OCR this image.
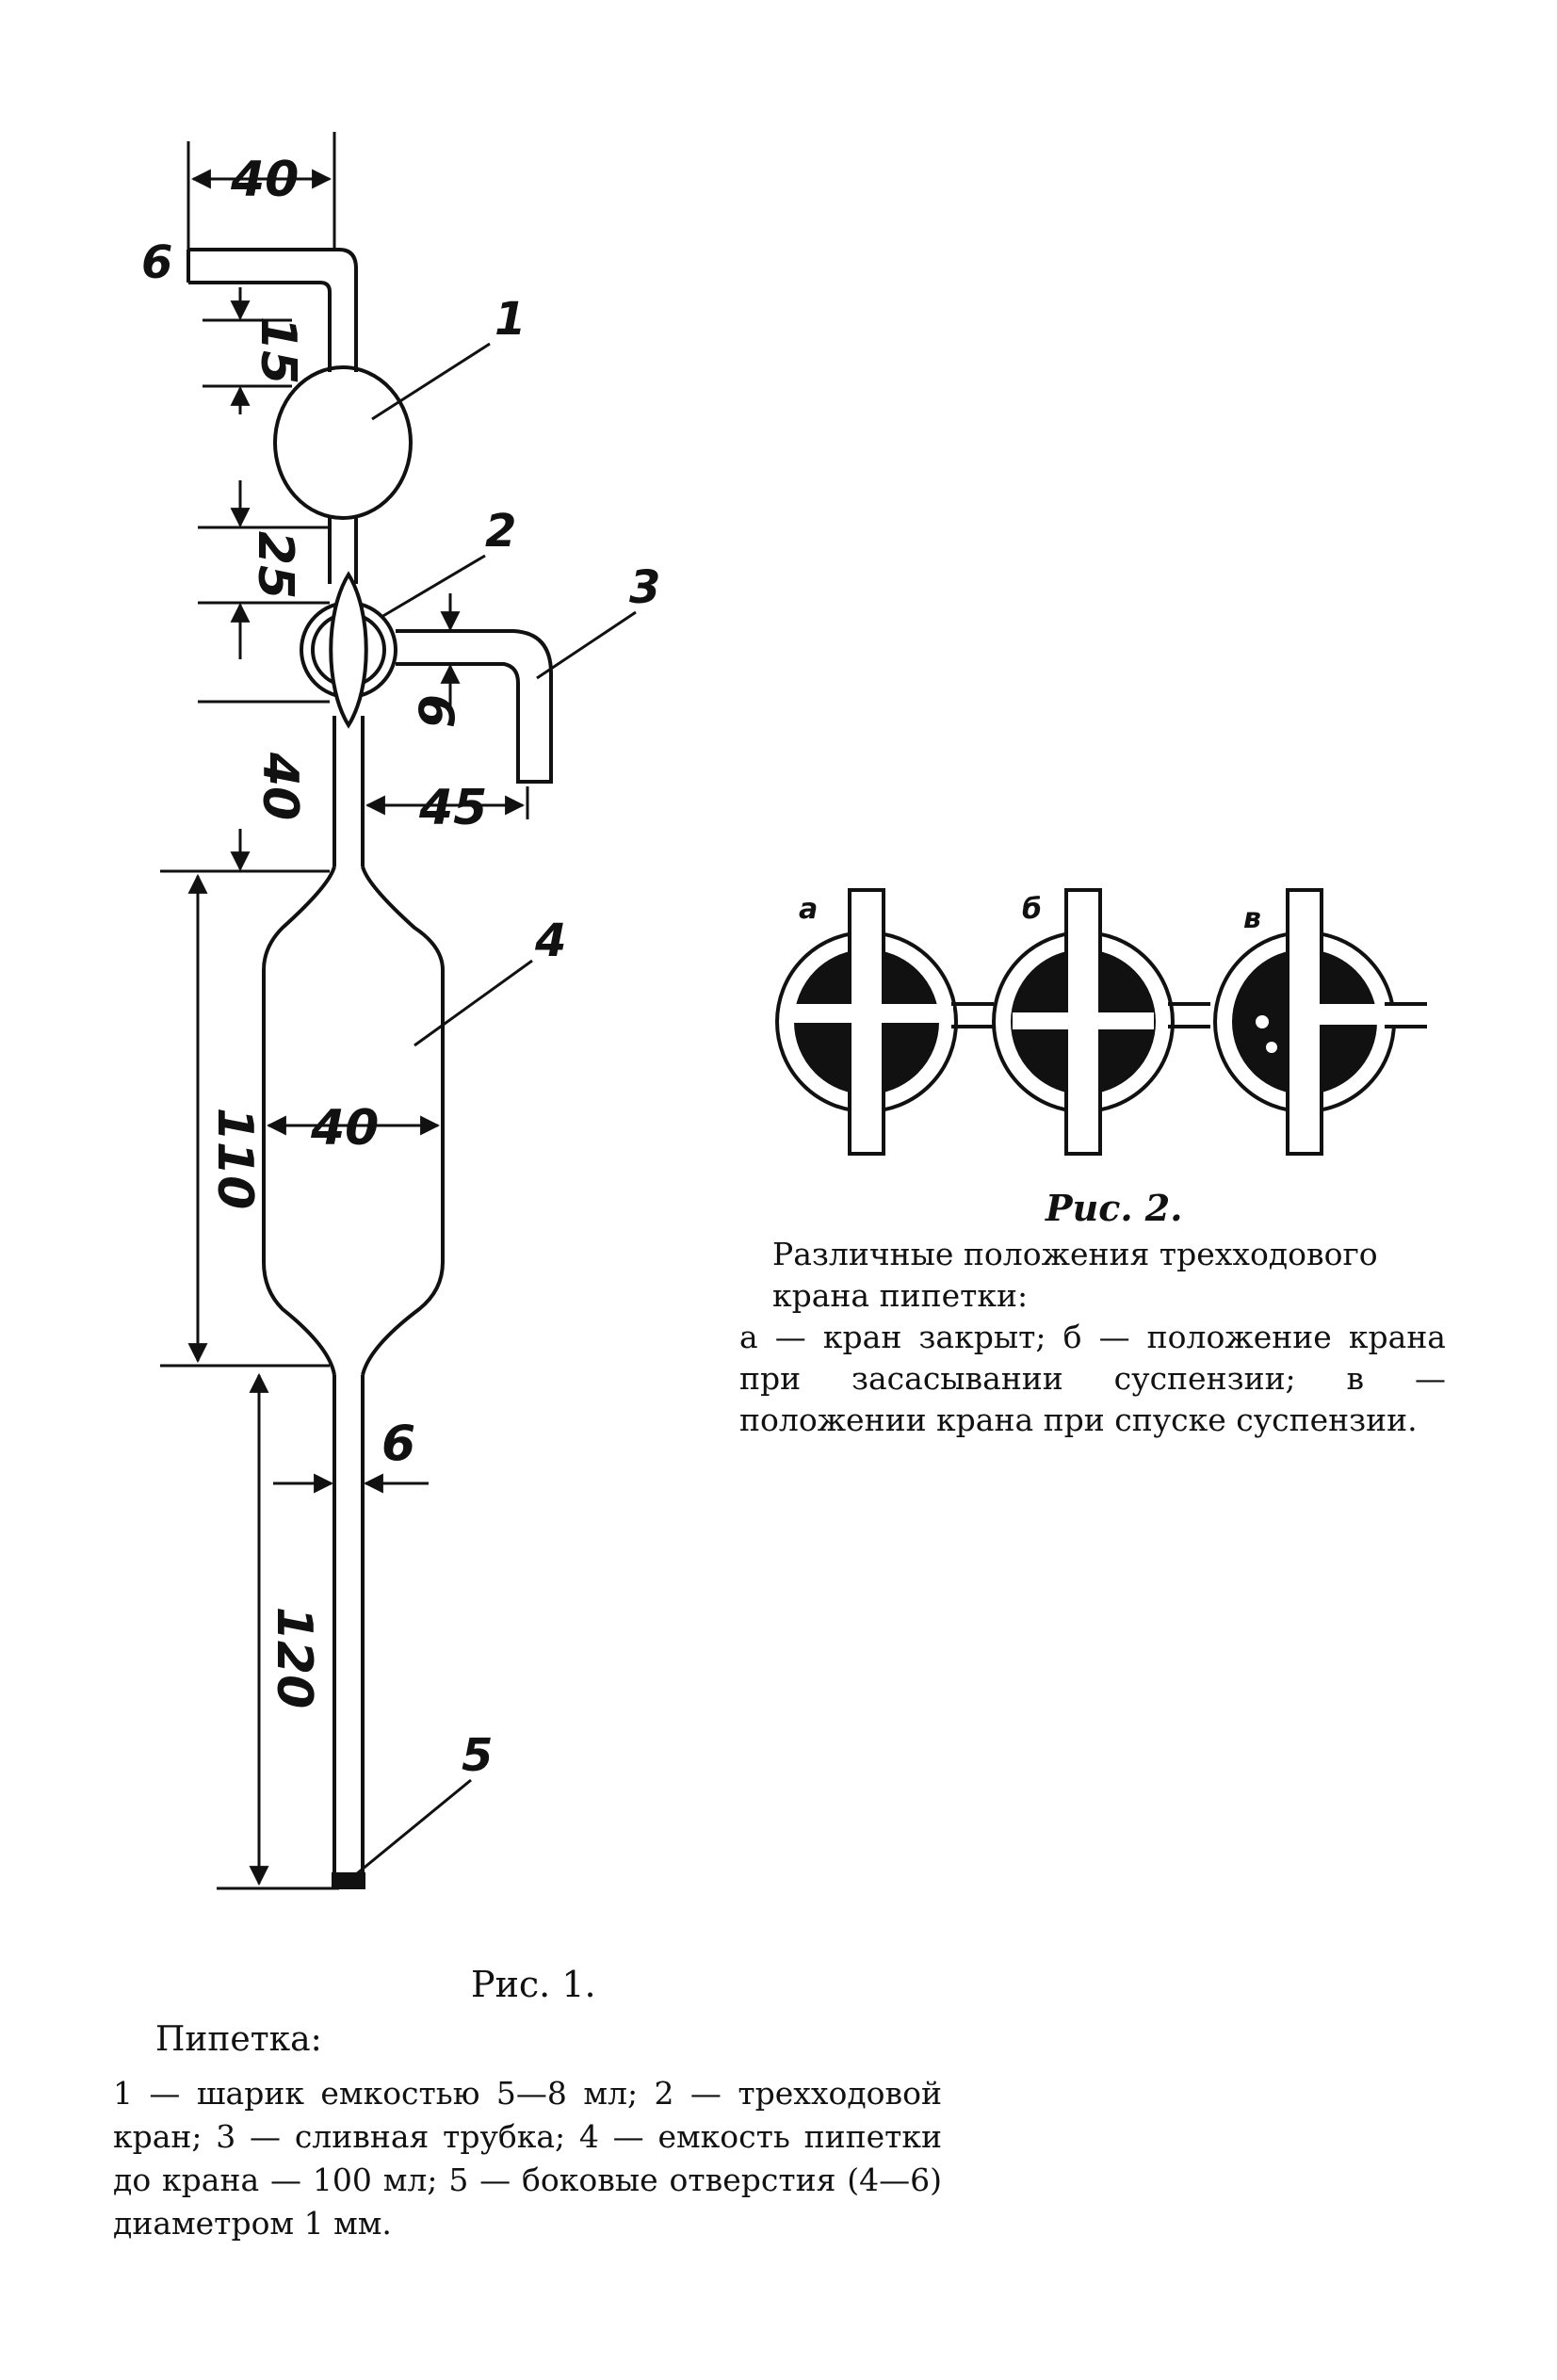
40
15
25
6
40 45
110 40
6
120
1
2
3
4
5
6
а	б	в
Рис. 2.
Различные положения трехходового крана пипетки:
а — кран закрыт; б — положение крана при засасывании суспензии; в — положении крана при спуске суспензии.
Рис. 1.
Пипетка:
1 — шарик емкостью 5—8 мл; 2 — трехходовой кран; 3 — сливная трубка; 4 — емкость пипетки до крана — 100 мл; 5 — боковые отверстия (4—6) диаметром 1 мм.
